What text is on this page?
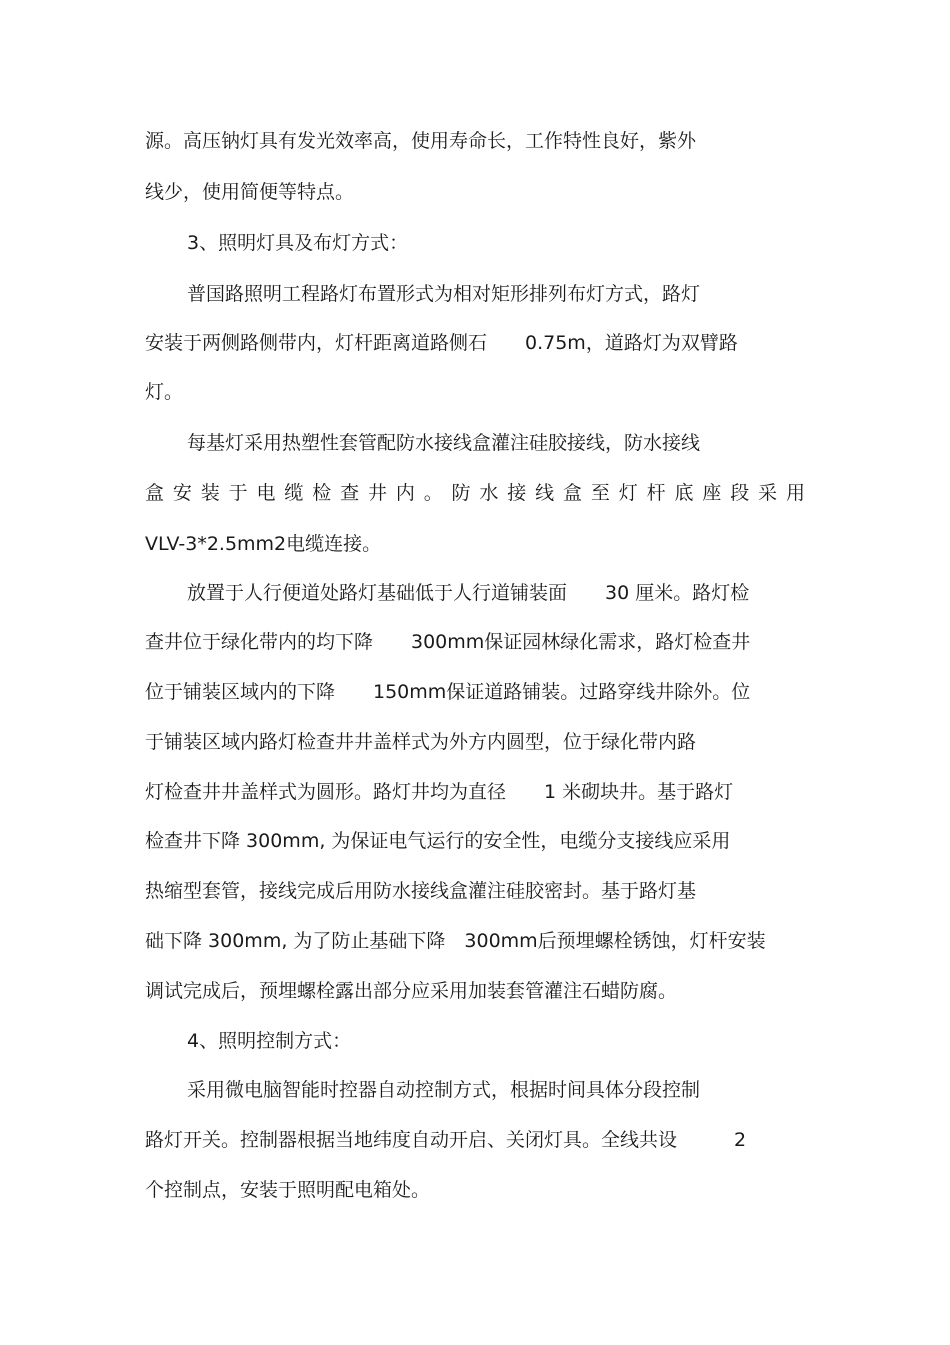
源。高压钠灯具有发光效率高，使用寿命长，工作特性良好，紫外
线少，使用简便等特点。
3、照明灯具及布灯方式：
普国路照明工程路灯布置形式为相对矩形排列布灯方式，路灯
安装于两侧路侧带内，灯杆距离道路侧石　　0.75m，道路灯为双臂路
灯。
每基灯采用热塑性套管配防水接线盒灌注硅胶接线，防水接线
盒安装于电缆检查井内。防水接线盒至灯杆底座段采用
VLV-3*2.5mm2电缆连接。
放置于人行便道处路灯基础低于人行道铺装面　　30 厘米。路灯检
查井位于绿化带内的均下降　　300mm保证园林绿化需求，路灯检查井
位于铺装区域内的下降　　150mm保证道路铺装。过路穿线井除外。位
于铺装区域内路灯检查井井盖样式为外方内圆型，位于绿化带内路
灯检查井井盖样式为圆形。路灯井均为直径　　1 米砌块井。基于路灯
检查井下降 300mm, 为保证电气运行的安全性，电缆分支接线应采用
热缩型套管，接线完成后用防水接线盒灌注硅胶密封。基于路灯基
础下降 300mm, 为了防止基础下降　300mm后预埋螺栓锈蚀，灯杆安装
调试完成后，预埋螺栓露出部分应采用加装套管灌注石蜡防腐。
4、照明控制方式：
采用微电脑智能时控器自动控制方式，根据时间具体分段控制
路灯开关。控制器根据当地纬度自动开启、关闭灯具。全线共设　　　2
个控制点，安装于照明配电箱处。
